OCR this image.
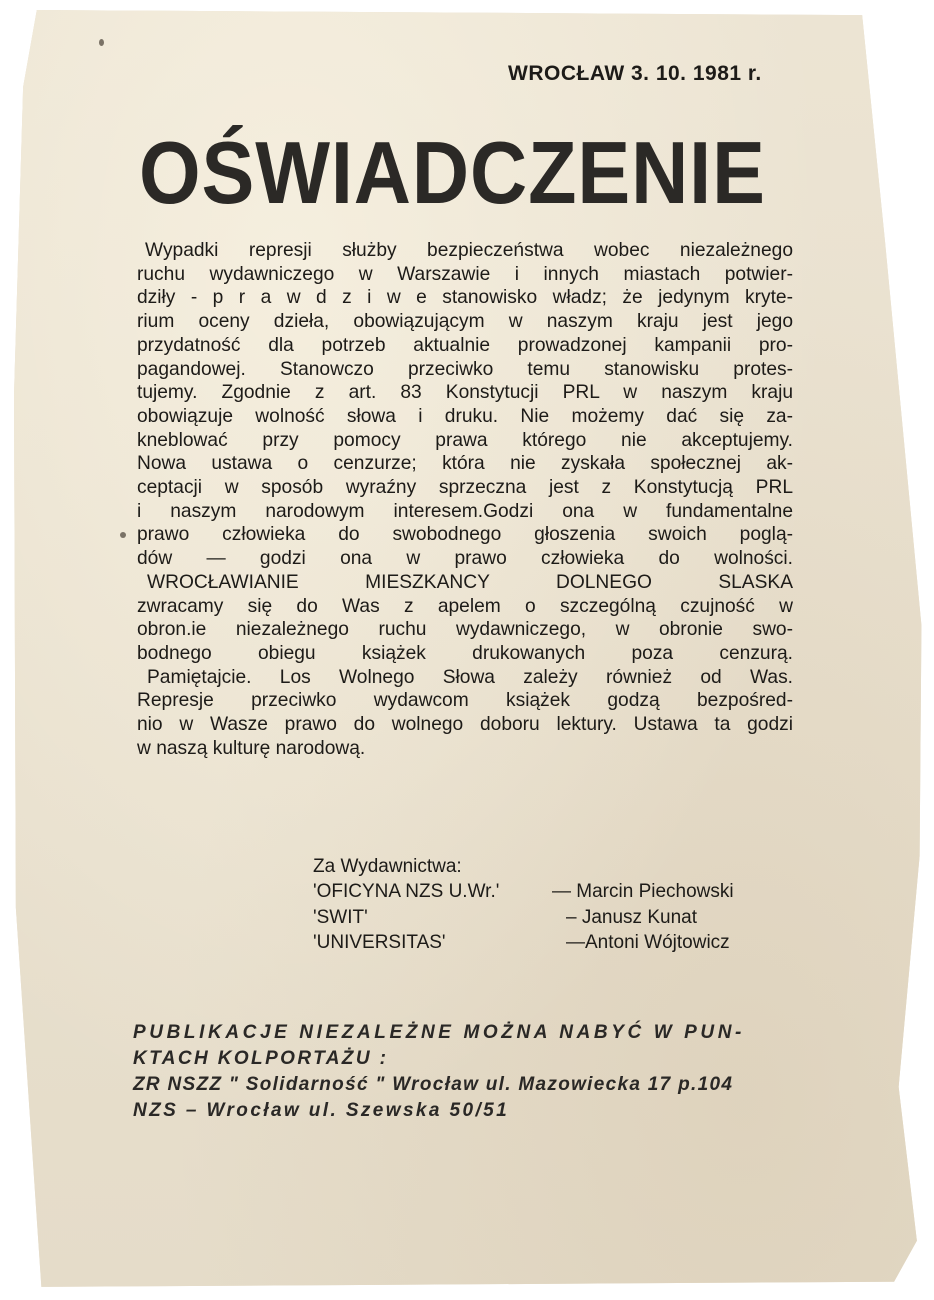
WROCŁAW 3. 10. 1981 r.
OŚWIADCZENIE
Wypadki represji służby bezpieczeństwa wobec niezależnego
ruchu wydawniczego w Warszawie i innych miastach potwier-
dziły - p r a w d z i w e stanowisko władz; że jedynym kryte-
rium oceny dzieła, obowiązującym w naszym kraju jest jego
przydatność dla potrzeb aktualnie prowadzonej kampanii pro-
pagandowej. Stanowczo przeciwko temu stanowisku protes-
tujemy. Zgodnie z art. 83 Konstytucji PRL w naszym kraju
obowiązuje wolność słowa i druku. Nie możemy dać się za-
kneblować przy pomocy prawa którego nie akceptujemy.
Nowa ustawa o cenzurze; która nie zyskała społecznej ak-
ceptacji w sposób wyraźny sprzeczna jest z Konstytucją PRL
i naszym narodowym interesem.Godzi ona w fundamentalne
prawo człowieka do swobodnego głoszenia swoich poglą-
dów — godzi ona w prawo człowieka do wolności.
WROCŁAWIANIE MIESZKANCY DOLNEGO SLASKA
zwracamy się do Was z apelem o szczególną czujność w
obron.ie niezależnego ruchu wydawniczego, w obronie swo-
bodnego obiegu książek drukowanych poza cenzurą.
Pamiętajcie. Los Wolnego Słowa zależy również od Was.
Represje przeciwko wydawcom książek godzą bezpośred-
nio w Wasze prawo do wolnego doboru lektury. Ustawa ta godzi
w naszą kulturę narodową.
Za Wydawnictwa:
'OFICYNA NZS U.Wr.'	— Marcin Piechowski
'SWIT'	– Janusz Kunat
'UNIVERSITAS'	—Antoni Wójtowicz
PUBLIKACJE NIEZALEŻNE MOŻNA NABYĆ W PUN-
KTACH KOLPORTAŻU :
ZR NSZZ " Solidarność " Wrocław ul. Mazowiecka 17 p.104
NZS – Wrocław ul. Szewska 50/51
